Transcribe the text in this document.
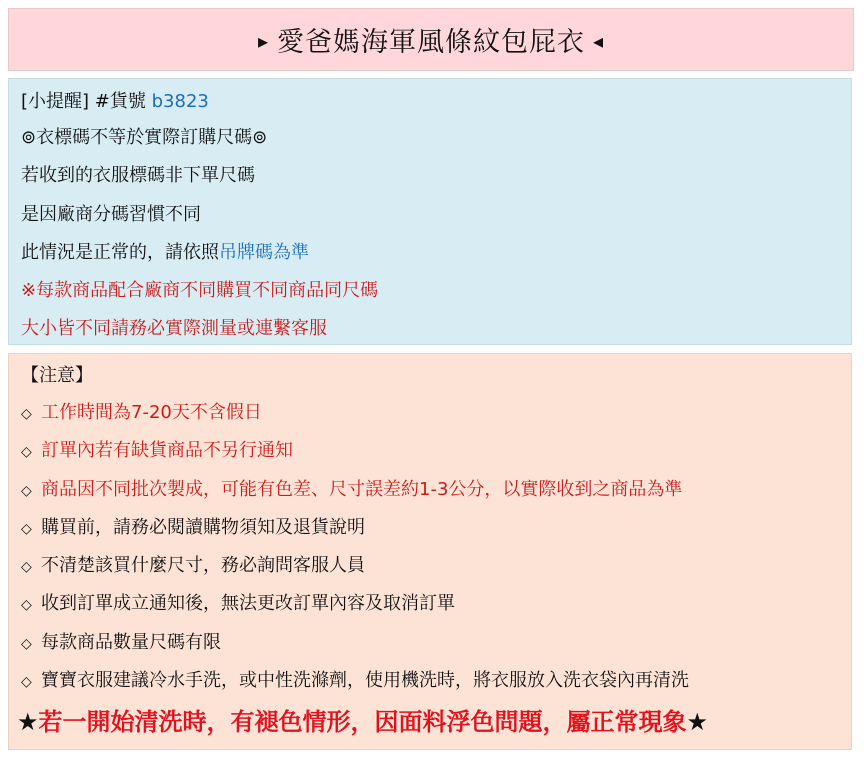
▸ 愛爸媽海軍風條紋包屁衣 ◂
[小提醒] #貨號 b3823
⊚衣標碼不等於實際訂購尺碼⊚
若收到的衣服標碼非下單尺碼
是因廠商分碼習慣不同
此情況是正常的，請依照吊牌碼為準
※每款商品配合廠商不同購買不同商品同尺碼
大小皆不同請務必實際測量或連繫客服
【注意】
◇ 工作時間為7-20天不含假日
◇ 訂單內若有缺貨商品不另行通知
◇ 商品因不同批次製成，可能有色差、尺寸誤差約1-3公分，以實際收到之商品為準
◇ 購買前，請務必閱讀購物須知及退貨說明
◇ 不清楚該買什麼尺寸，務必詢問客服人員
◇ 收到訂單成立通知後，無法更改訂單內容及取消訂單
◇ 每款商品數量尺碼有限
◇ 寶寶衣服建議冷水手洗，或中性洗滌劑，使用機洗時，將衣服放入洗衣袋內再清洗
★若一開始清洗時，有褪色情形，因面料浮色問題，屬正常現象★
